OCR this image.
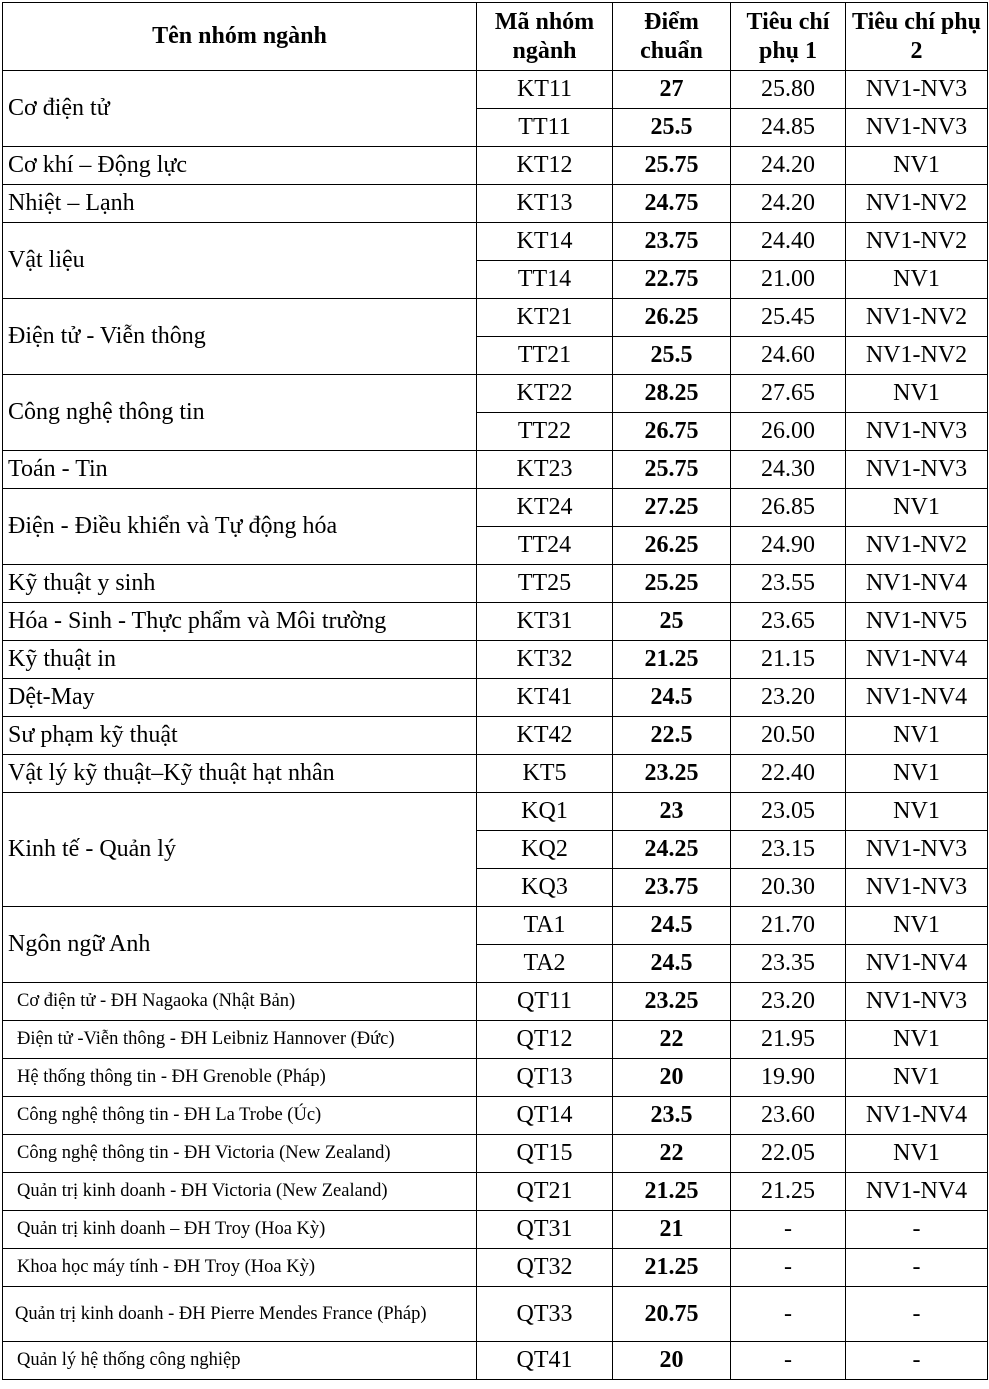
Tên nhóm ngành	Mã nhóm ngành	Điểm chuẩn	Tiêu chí phụ 1	Tiêu chí phụ 2
Cơ điện tử	KT11	27	25.80	NV1-NV3
	TT11	25.5	24.85	NV1-NV3
Cơ khí – Động lực	KT12	25.75	24.20	NV1
Nhiệt – Lạnh	KT13	24.75	24.20	NV1-NV2
Vật liệu	KT14	23.75	24.40	NV1-NV2
	TT14	22.75	21.00	NV1
Điện tử - Viễn thông	KT21	26.25	25.45	NV1-NV2
	TT21	25.5	24.60	NV1-NV2
Công nghệ thông tin	KT22	28.25	27.65	NV1
	TT22	26.75	26.00	NV1-NV3
Toán - Tin	KT23	25.75	24.30	NV1-NV3
Điện - Điều khiển và Tự động hóa	KT24	27.25	26.85	NV1
	TT24	26.25	24.90	NV1-NV2
Kỹ thuật y sinh	TT25	25.25	23.55	NV1-NV4
Hóa - Sinh - Thực phẩm và Môi trường	KT31	25	23.65	NV1-NV5
Kỹ thuật in	KT32	21.25	21.15	NV1-NV4
Dệt-May	KT41	24.5	23.20	NV1-NV4
Sư phạm kỹ thuật	KT42	22.5	20.50	NV1
Vật lý kỹ thuật–Kỹ thuật hạt nhân	KT5	23.25	22.40	NV1
Kinh tế - Quản lý	KQ1	23	23.05	NV1
	KQ2	24.25	23.15	NV1-NV3
	KQ3	23.75	20.30	NV1-NV3
Ngôn ngữ Anh	TA1	24.5	21.70	NV1
	TA2	24.5	23.35	NV1-NV4
Cơ điện tử - ĐH Nagaoka (Nhật Bản)	QT11	23.25	23.20	NV1-NV3
Điện tử -Viễn thông - ĐH Leibniz Hannover (Đức)	QT12	22	21.95	NV1
Hệ thống thông tin - ĐH Grenoble (Pháp)	QT13	20	19.90	NV1
Công nghệ thông tin - ĐH La Trobe (Úc)	QT14	23.5	23.60	NV1-NV4
Công nghệ thông tin - ĐH Victoria (New Zealand)	QT15	22	22.05	NV1
Quản trị kinh doanh - ĐH Victoria (New Zealand)	QT21	21.25	21.25	NV1-NV4
Quản trị kinh doanh – ĐH Troy (Hoa Kỳ)	QT31	21	-	-
Khoa học máy tính - ĐH Troy (Hoa Kỳ)	QT32	21.25	-	-
Quản trị kinh doanh - ĐH Pierre Mendes France (Pháp)	QT33	20.75	-	-
Quản lý hệ thống công nghiệp	QT41	20	-	-
